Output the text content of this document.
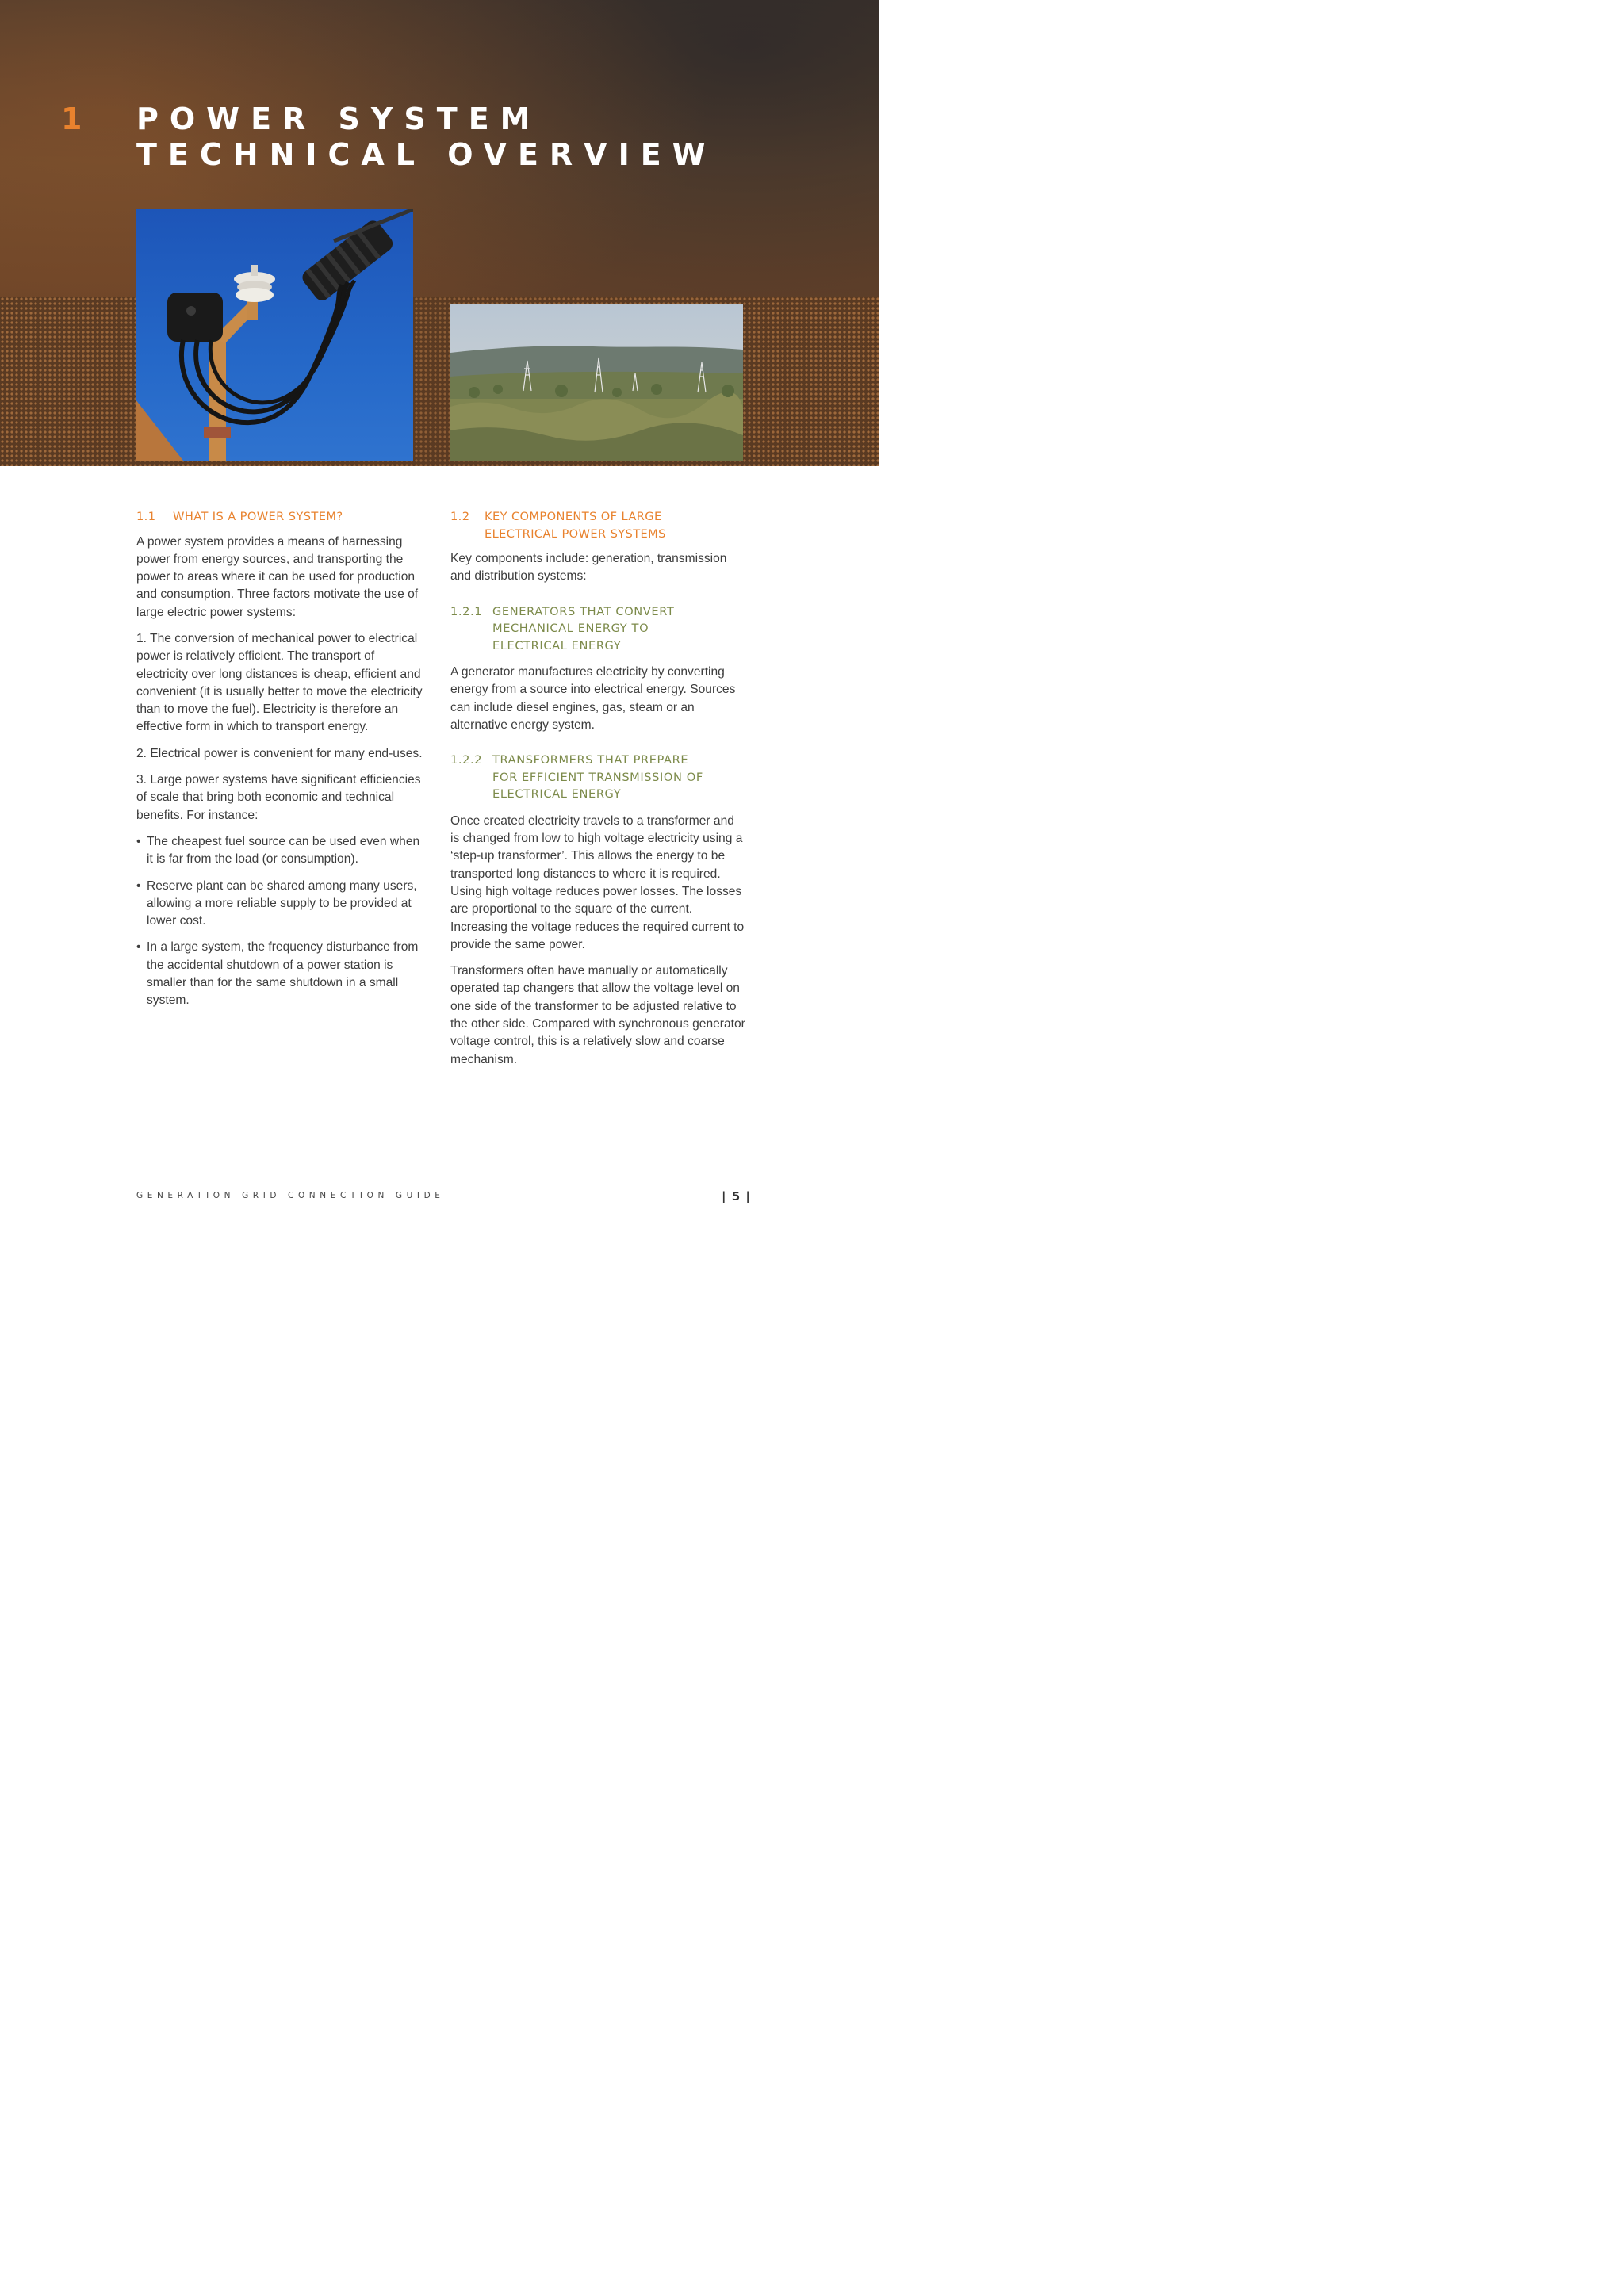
1 POWER SYSTEM
TECHNICAL OVERVIEW
1.1	WHAT IS A POWER SYSTEM?

A power system provides a means of harnessing power from energy sources, and transporting the power to areas where it can be used for production and consumption. Three factors motivate the use of large electric power systems:

1. The conversion of mechanical power to electrical power is relatively efficient. The transport of electricity over long distances is cheap, efficient and convenient (it is usually better to move the electricity than to move the fuel). Electricity is therefore an effective form in which to transport energy.

2. Electrical power is convenient for many end-uses.

3. Large power systems have significant efficiencies of scale that bring both economic and technical benefits. For instance:

• The cheapest fuel source can be used even when it is far from the load (or consumption).
• Reserve plant can be shared among many users, allowing a more reliable supply to be provided at lower cost.
• In a large system, the frequency disturbance from the accidental shutdown of a power station is smaller than for the same shutdown in a small system.
1.2	KEY COMPONENTS OF LARGE
ELECTRICAL POWER SYSTEMS

Key components include: generation, transmission and distribution systems:

1.2.1 GENERATORS THAT CONVERT
MECHANICAL ENERGY TO
ELECTRICAL ENERGY

A generator manufactures electricity by converting energy from a source into electrical energy. Sources can include diesel engines, gas, steam or an alternative energy system.

1.2.2 TRANSFORMERS THAT PREPARE
FOR EFFICIENT TRANSMISSION OF
ELECTRICAL ENERGY

Once created electricity travels to a transformer and is changed from low to high voltage electricity using a ‘step-up transformer’. This allows the energy to be transported long distances to where it is required. Using high voltage reduces power losses. The losses are proportional to the square of the current. Increasing the voltage reduces the required current to provide the same power.

Transformers often have manually or automatically operated tap changers that allow the voltage level on one side of the transformer to be adjusted relative to the other side. Compared with synchronous generator voltage control, this is a relatively slow and coarse mechanism.

GENERATION GRID CONNECTION GUIDE	| 5 |
